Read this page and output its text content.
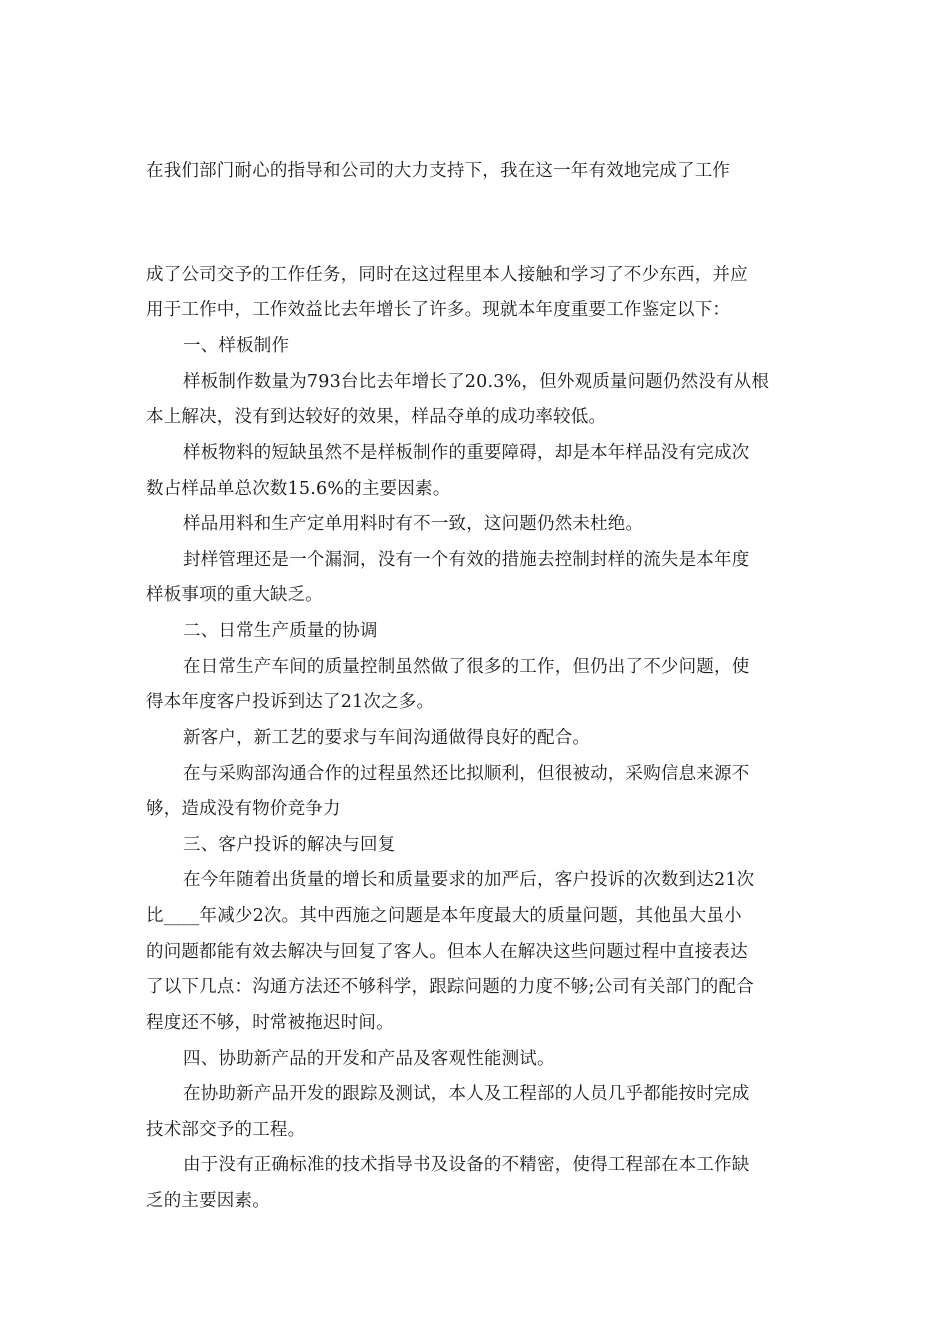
在我们部门耐心的指导和公司的大力支持下，我在这一年有效地完成了工作
成了公司交予的工作任务，同时在这过程里本人接触和学习了不少东西，并应
用于工作中，工作效益比去年增长了许多。现就本年度重要工作鉴定以下：
一、样板制作
样板制作数量为793台比去年增长了20.3%，但外观质量问题仍然没有从根
本上解决，没有到达较好的效果，样品夺单的成功率较低。
样板物料的短缺虽然不是样板制作的重要障碍，却是本年样品没有完成次
数占样品单总次数15.6%的主要因素。
样品用料和生产定单用料时有不一致，这问题仍然未杜绝。
封样管理还是一个漏洞，没有一个有效的措施去控制封样的流失是本年度
样板事项的重大缺乏。
二、日常生产质量的协调
在日常生产车间的质量控制虽然做了很多的工作，但仍出了不少问题，使
得本年度客户投诉到达了21次之多。
新客户，新工艺的要求与车间沟通做得良好的配合。
在与采购部沟通合作的过程虽然还比拟顺利，但很被动，采购信息来源不
够，造成没有物价竞争力
三、客户投诉的解决与回复
在今年随着出货量的增长和质量要求的加严后，客户投诉的次数到达21次
比____年减少2次。其中西施之问题是本年度最大的质量问题，其他虽大虽小
的问题都能有效去解决与回复了客人。但本人在解决这些问题过程中直接表达
了以下几点：沟通方法还不够科学，跟踪问题的力度不够;公司有关部门的配合
程度还不够，时常被拖迟时间。
四、协助新产品的开发和产品及客观性能测试。
在协助新产品开发的跟踪及测试，本人及工程部的人员几乎都能按时完成
技术部交予的工程。
由于没有正确标准的技术指导书及设备的不精密，使得工程部在本工作缺
乏的主要因素。
